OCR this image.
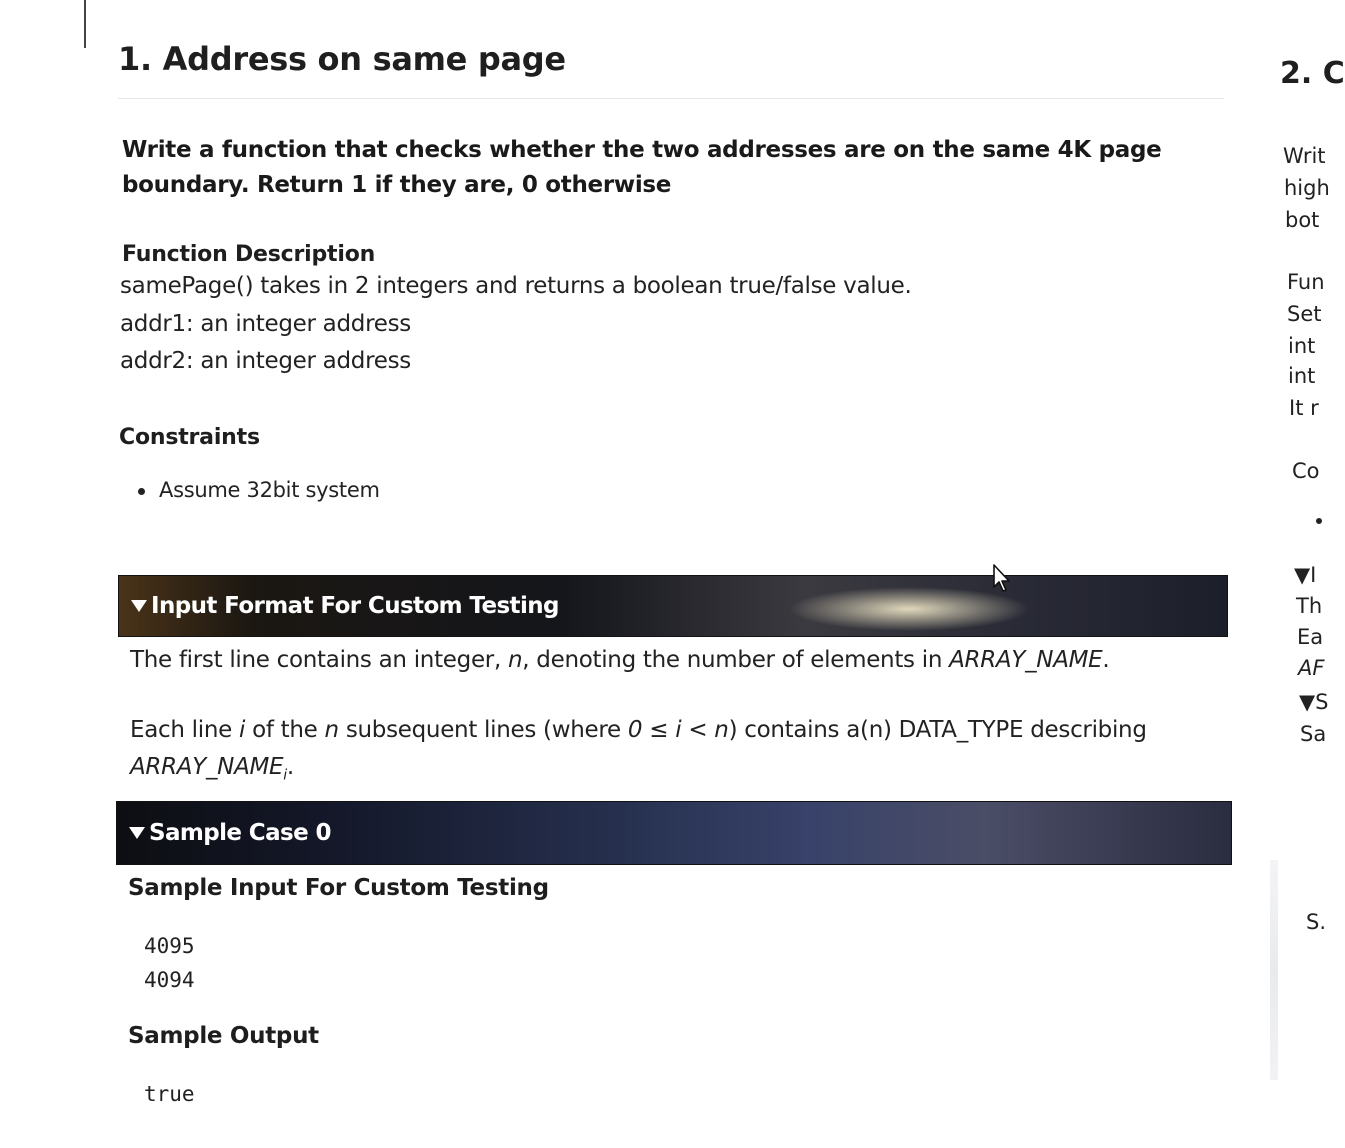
1. Address on same page

Write a function that checks whether the two addresses are on the same 4K page boundary. Return 1 if they are, 0 otherwise

Function Description

samePage() takes in 2 integers and returns a boolean true/false value.

addr1: an integer address

addr2: an integer address

Constraints
Assume 32bit system
Input Format For Custom Testing

The first line contains an integer, n, denoting the number of elements in ARRAY_NAME.

Each line i of the n subsequent lines (where 0 ≤ i < n) contains a(n) DATA_TYPE describing

$ARRAY\_NAME_i$.

Sample Case 0
Sample Input For Custom Testing

4095

4094

Sample Output

true

2. C

Writ

high

bot

Fun

Set

int

int

It r

Co

▼I

Th

Ea

AF

▼S

Sa

S.
